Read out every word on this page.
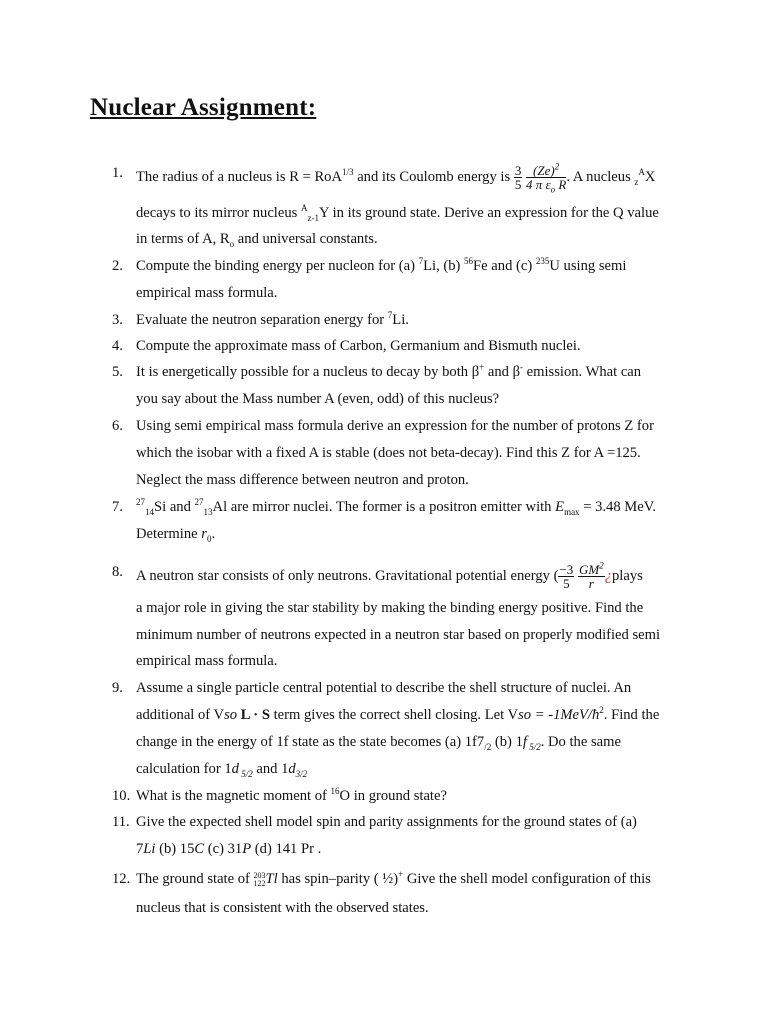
Nuclear Assignment:
1. The radius of a nucleus is R = RoA$^{1/3}$ and its Coulomb energy is $\frac{3}{5}$
$\frac{(Ze)^2}{4 \pi \varepsilon_o R}$ . A nucleus $_z^A$X
decays to its mirror nucleus $^A_{z-1}$Y in its ground state. Derive an expression for the Q value
in terms of A, $R_o$ and universal constants.
2. Compute the binding energy per nucleon for (a) $^7$Li, (b) $^{56}$Fe and (c) $^{235}$U using semi
empirical mass formula.
3. Evaluate the neutron separation energy for $^7$Li.
4. Compute the approximate mass of Carbon, Germanium and Bismuth nuclei.
5. It is energetically possible for a nucleus to decay by both β+ and β- emission. What can
you say about the Mass number A (even, odd) of this nucleus?
6. Using semi empirical mass formula derive an expression for the number of protons Z for
which the isobar with a fixed A is stable (does not beta-decay). Find this Z for A =125.
Neglect the mass difference between neutron and proton.
7. $^{27}_{14}$Si and $^{27}_{13}$Al are mirror nuclei. The former is a positron emitter with $E_{max} = 3.48$ MeV.
Determine $r_0$.
8. A neutron star consists of only neutrons. Gravitational potential energy ( $\frac{-3}{5}$
$\frac{GM^2}{r}$ ¿plays
a major role in giving the star stability by making the binding energy positive. Find the
minimum number of neutrons expected in a neutron star based on properly modified semi
empirical mass formula.
9. Assume a single particle central potential to describe the shell structure of nuclei. An
additional of Vso L · S term gives the correct shell closing. Let Vso = $-1MeV/ħ^2$. Find the
change in the energy of 1f state as the state becomes (a) $1f7_{/2}$ (b) 1f $_{5/2}$. Do the same
calculation for 1d $_{5/2}$ and $1d_{3/2}$
10. What is the magnetic moment of $^{16}$O in ground state?
11. Give the expected shell model spin and parity assignments for the ground states of (a)
7Li (b) 15C (c) 31P (d) 141 Pr .
12. The ground state of 203
122 Tl has spin–parity ( ½)+ Give the shell model configuration of this
nucleus that is consistent with the observed states.
